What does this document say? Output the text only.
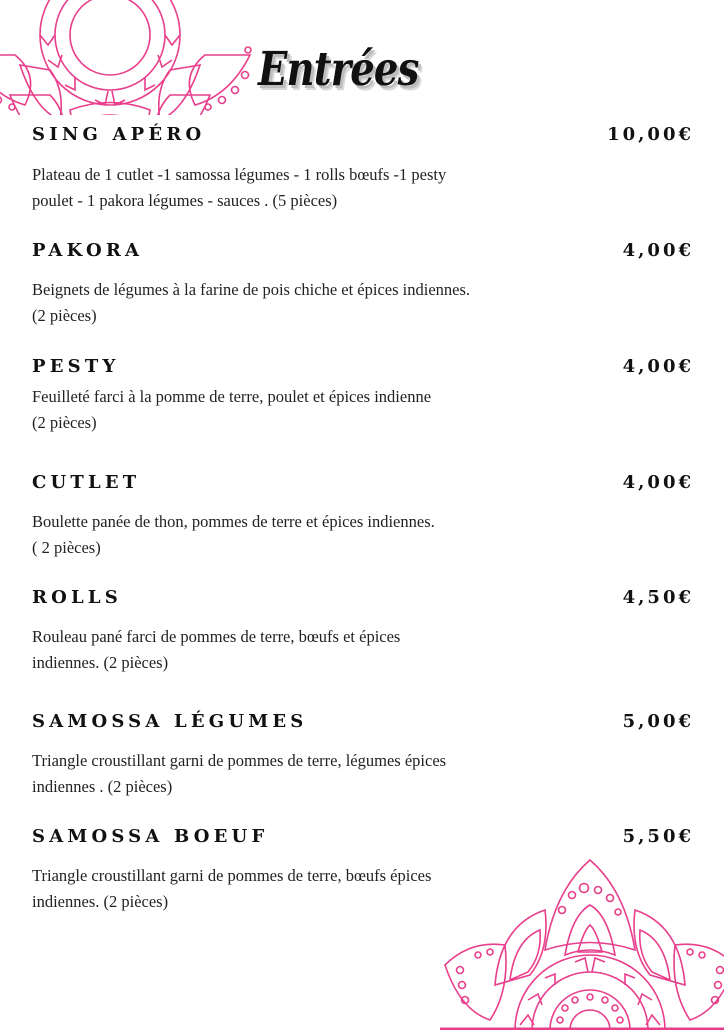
Entrées
SING APÉRO	10,00€
Plateau de 1 cutlet -1 samossa légumes - 1 rolls bœufs -1 pesty
poulet - 1 pakora légumes - sauces . (5 pièces)
PAKORA	4,00€
Beignets de légumes à la farine de pois chiche et épices indiennes.
(2 pièces)
PESTY	4,00€
Feuilleté farci à la pomme de terre, poulet et épices indienne
(2 pièces)
CUTLET	4,00€
Boulette panée de thon, pommes de terre et épices indiennes.
( 2 pièces)
ROLLS	4,50€
Rouleau pané farci de pommes de terre, bœufs et épices
indiennes. (2 pièces)
SAMOSSA LÉGUMES	5,00€
Triangle croustillant garni de pommes de terre, légumes épices
indiennes . (2 pièces)
SAMOSSA BOEUF	5,50€
Triangle croustillant garni de pommes de terre, bœufs épices
indiennes. (2 pièces)
